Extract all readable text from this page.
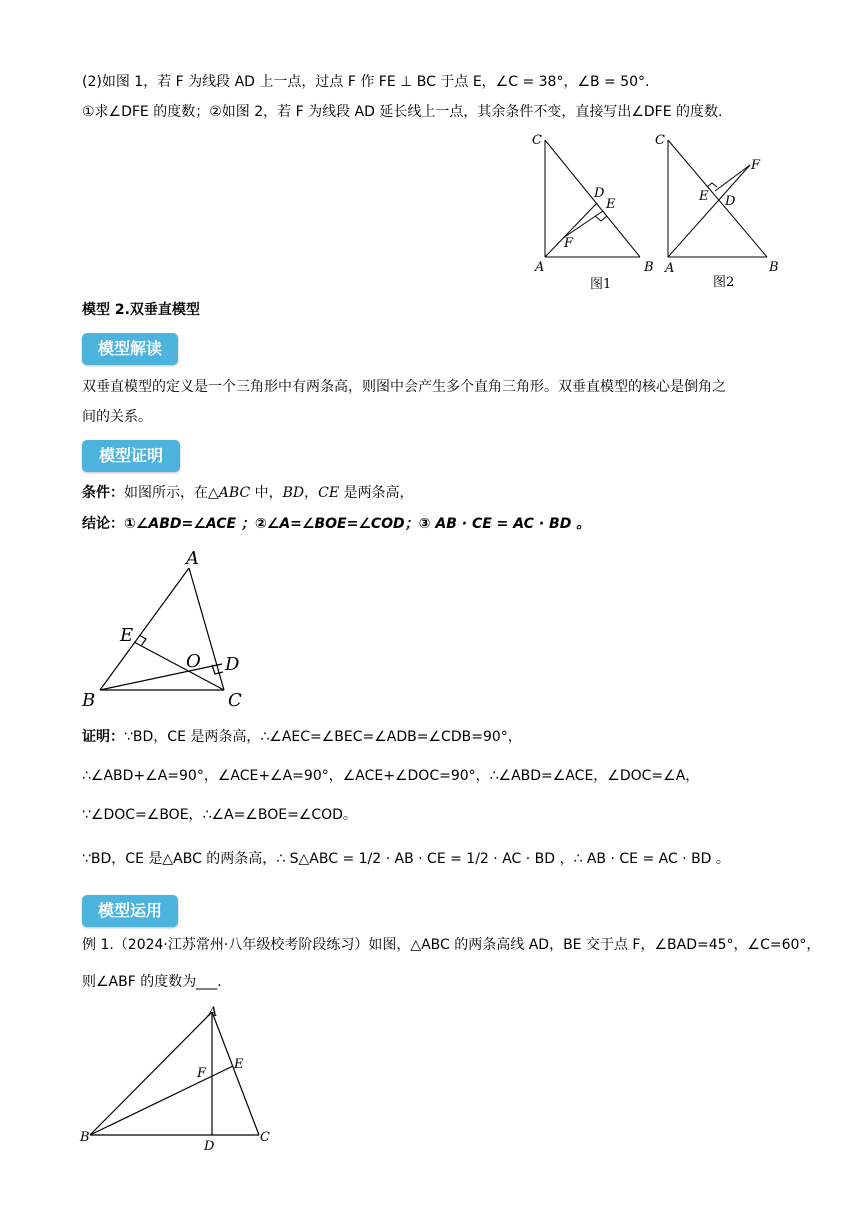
(2)如图 1，若 F 为线段 AD 上一点，过点 F 作 FE ⊥ BC 于点 E，∠C = 38°，∠B = 50°.
①求∠DFE 的度数；②如图 2，若 F 为线段 AD 延长线上一点，其余条件不变，直接写出∠DFE 的度数.
C
D
E
F
A	B
图1
C
F
E D
A	B
图2
模型 2.双垂直模型
模型解读
双垂直模型的定义是一个三角形中有两条高，则图中会产生多个直角三角形。双垂直模型的核心是倒角之
间的关系。
模型证明
条件：如图所示，在△ABC 中，BD，CE 是两条高，
结论：①∠ABD=∠ACE ；②∠A=∠BOE=∠COD；③ AB · CE = AC · BD 。
A
E
O D
B	C
证明：∵BD，CE 是两条高，∴∠AEC=∠BEC=∠ADB=∠CDB=90°，
∴∠ABD+∠A=90°，∠ACE+∠A=90°，∠ACE+∠DOC=90°，∴∠ABD=∠ACE，∠DOC=∠A，
∵∠DOC=∠BOE，∴∠A=∠BOE=∠COD。
∵BD，CE 是△ABC 的两条高，∴ S△ABC = 1/2 · AB · CE = 1/2 · AC · BD ，∴ AB · CE = AC · BD 。
模型运用
例 1.（2024·江苏常州·八年级校考阶段练习）如图，△ABC 的两条高线 AD，BE 交于点 F，∠BAD=45°，∠C=60°，
则∠ABF 的度数为___.
A
F
E
B
D
C
